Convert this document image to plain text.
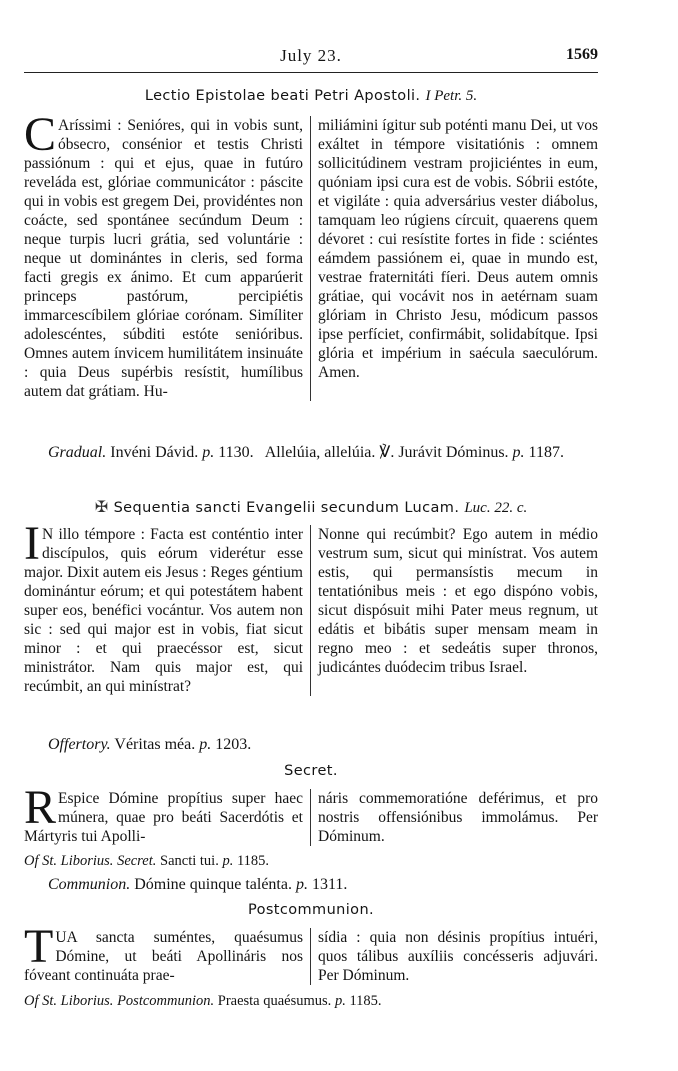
July 23.	1569
Lectio Epistolae beati Petri Apostoli. I Petr. 5.
C Aríssimi : Senióres, qui in vobis sunt, óbsecro, consénior et testis Christi passiónum : qui et ejus, quae in futúro reveláda est, glóriae communicátor : páscite qui in vobis est gregem Dei, providéntes non coácte, sed spontánee secúndum Deum : neque turpis lucri grátia, sed voluntárie : neque ut dominántes in cleris, sed forma facti gregis ex ánimo. Et cum apparúerit princeps pastórum, percipiétis immarcescíbilem glóriae corónam. Simíliter adolescéntes, súbditi estóte senióribus. Omnes autem ínvicem humilitátem insinuáte : quia Deus supérbis resístit, humílibus autem dat grátiam. Hu-
miliámini ígitur sub poténti manu Dei, ut vos exáltet in témpore visitatiónis : omnem sollicitúdinem vestram projiciéntes in eum, quóniam ipsi cura est de vobis. Sóbrii estóte, et vigiláte : quia adversárius vester diábolus, tamquam leo rúgiens círcuit, quaerens quem dévoret : cui resístite fortes in fide : sciéntes eámdem passiónem ei, quae in mundo est, vestrae fraternitáti fíeri. Deus autem omnis grátiae, qui vocávit nos in aetérnam suam glóriam in Christo Jesu, módicum passos ipse perfíciet, confirmábit, solidabítque. Ipsi glória et impérium in saécula saeculórum. Amen.
Gradual. Invéni Dávid. p. 1130. Allelúia, allelúia. ℣. Jurávit Dóminus. p. 1187.
✠ Sequentia sancti Evangelii secundum Lucam. Luc. 22. c.
I N illo témpore : Facta est conténtio inter discípulos, quis eórum viderétur esse major. Dixit autem eis Jesus : Reges géntium dominántur eórum; et qui potestátem habent super eos, benéfici vocántur. Vos autem non sic : sed qui major est in vobis, fiat sicut minor : et qui praecéssor est, sicut ministrátor. Nam quis major est, qui recúmbit, an qui minístrat?
Nonne qui recúmbit? Ego autem in médio vestrum sum, sicut qui minístrat. Vos autem estis, qui permansístis mecum in tentatiónibus meis : et ego dispóno vobis, sicut dispósuit mihi Pater meus regnum, ut edátis et bibátis super mensam meam in regno meo : et sedeátis super thronos, judicántes duódecim tribus Israel.
Offertory. Véritas méa. p. 1203.
Secret.
R Espice Dómine propítius super haec múnera, quae pro beáti Sacerdótis et Mártyris tui Apolli-
náris commemoratióne deférimus, et pro nostris offensiónibus immolámus. Per Dóminum.
Of St. Liborius. Secret. Sancti tui. p. 1185.
Communion. Dómine quinque talénta. p. 1311.
Postcommunion.
T UA sancta suméntes, quaésumus Dómine, ut beáti Apollináris nos fóveant continuáta prae-
sídia : quia non désinis propítius intuéri, quos tálibus auxíliis concésseris adjuvári. Per Dóminum.
Of St. Liborius. Postcommunion. Praesta quaésumus. p. 1185.
